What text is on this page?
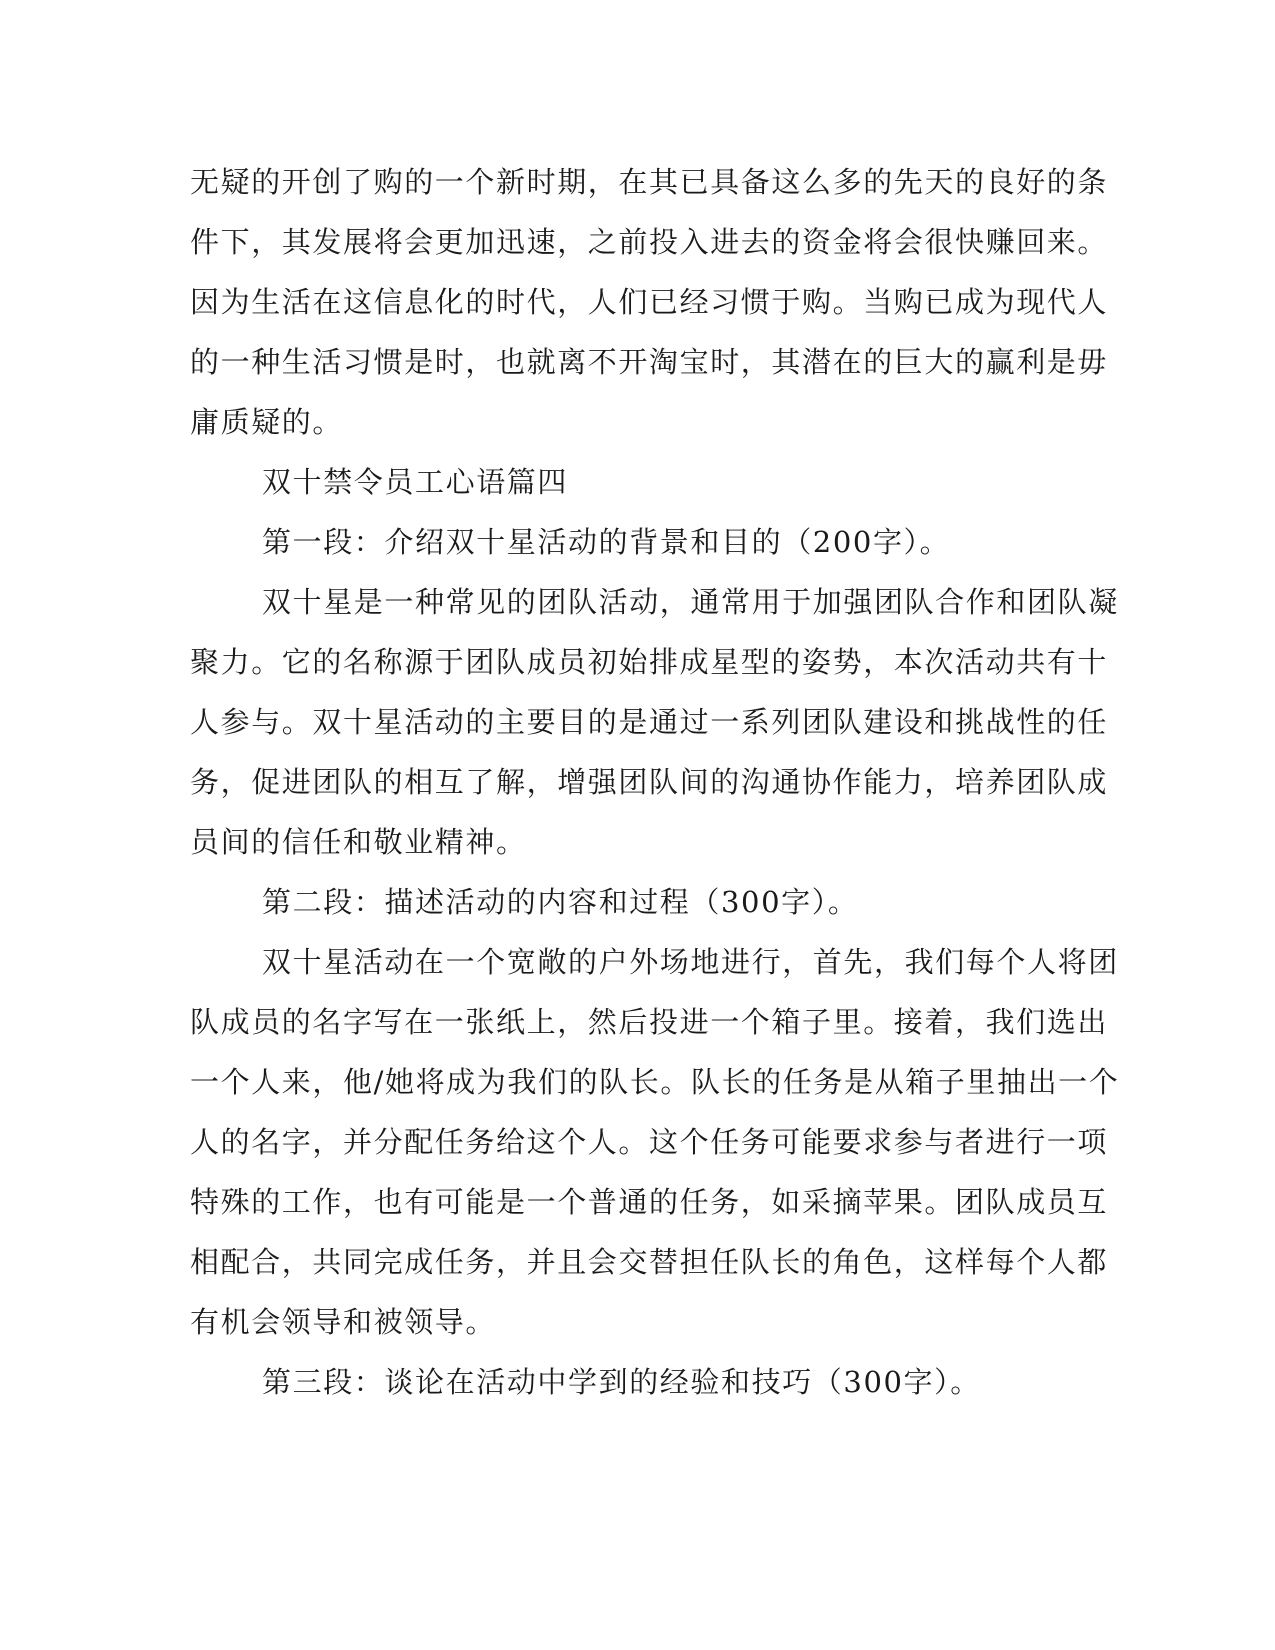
无疑的开创了购的一个新时期，在其已具备这么多的先天的良好的条

件下，其发展将会更加迅速，之前投入进去的资金将会很快赚回来。

因为生活在这信息化的时代，人们已经习惯于购。当购已成为现代人

的一种生活习惯是时，也就离不开淘宝时，其潜在的巨大的赢利是毋

庸质疑的。

双十禁令员工心语篇四

第一段：介绍双十星活动的背景和目的（200字）。

双十星是一种常见的团队活动，通常用于加强团队合作和团队凝

聚力。它的名称源于团队成员初始排成星型的姿势，本次活动共有十

人参与。双十星活动的主要目的是通过一系列团队建设和挑战性的任

务，促进团队的相互了解，增强团队间的沟通协作能力，培养团队成

员间的信任和敬业精神。

第二段：描述活动的内容和过程（300字）。

双十星活动在一个宽敞的户外场地进行，首先，我们每个人将团

队成员的名字写在一张纸上，然后投进一个箱子里。接着，我们选出

一个人来，他/她将成为我们的队长。队长的任务是从箱子里抽出一个

人的名字，并分配任务给这个人。这个任务可能要求参与者进行一项

特殊的工作，也有可能是一个普通的任务，如采摘苹果。团队成员互

相配合，共同完成任务，并且会交替担任队长的角色，这样每个人都

有机会领导和被领导。

第三段：谈论在活动中学到的经验和技巧（300字）。
